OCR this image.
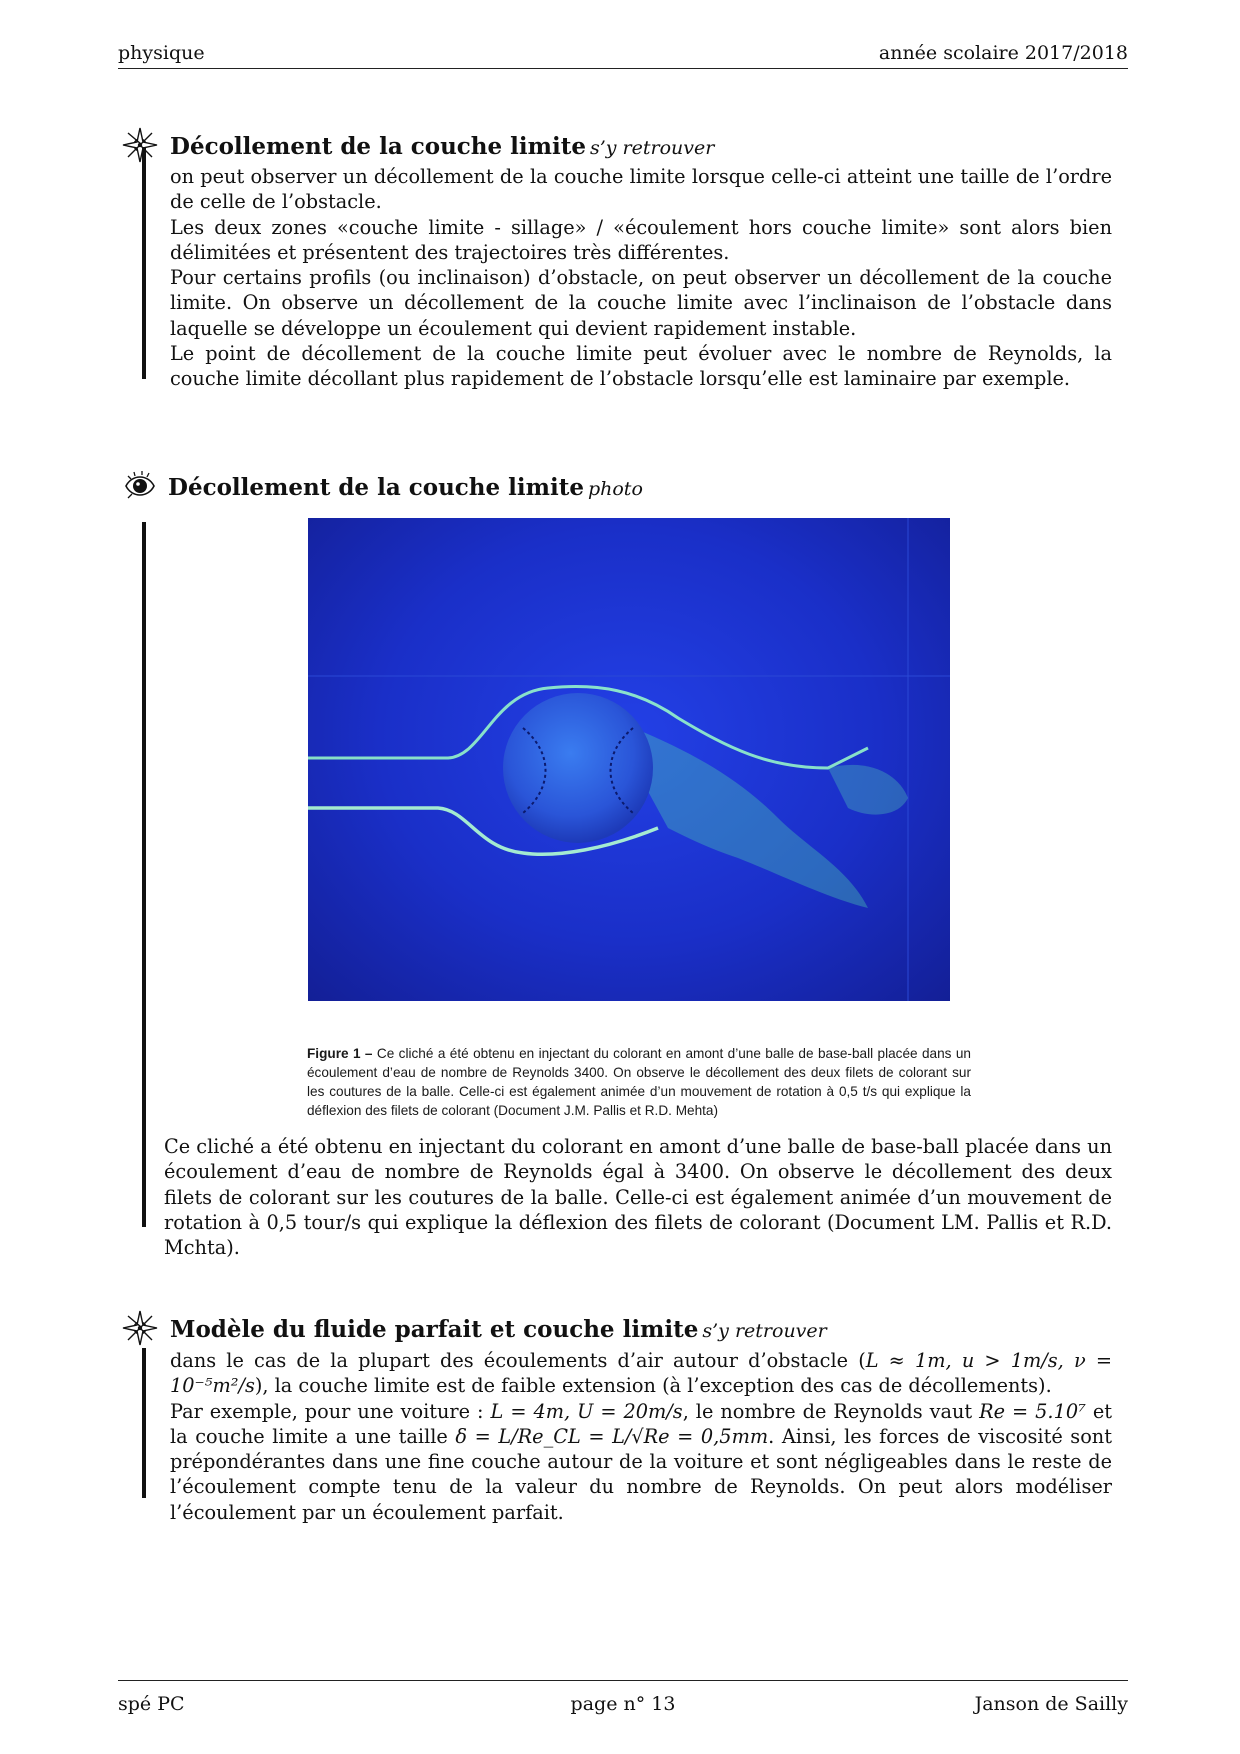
physique	année scolaire 2017/2018
Décollement de la couche limite s’y retrouver

on peut observer un décollement de la couche limite lorsque celle-ci atteint une taille de l’ordre de celle de l’obstacle.

Les deux zones «couche limite - sillage» / «écoulement hors couche limite» sont alors bien délimitées et présentent des trajectoires très différentes.

Pour certains profils (ou inclinaison) d’obstacle, on peut observer un décollement de la couche limite. On observe un décollement de la couche limite avec l’inclinaison de l’obstacle dans laquelle se développe un écoulement qui devient rapidement instable.

Le point de décollement de la couche limite peut évoluer avec le nombre de Reynolds, la couche limite décollant plus rapidement de l’obstacle lorsqu’elle est laminaire par exemple.

Décollement de la couche limite photo

Ce cliché a été obtenu en injectant du colorant en amont d’une balle de base-ball placée dans un écoulement d’eau de nombre de Reynolds égal à 3400. On observe le décollement des deux filets de colorant sur les coutures de la balle. Celle-ci est également animée d’un mouvement de rotation à 0,5 tour/s qui explique la déflexion des filets de colorant (Document LM. Pallis et R.D. Mchta).

Figure 1 – Ce cliché a été obtenu en injectant du colorant en amont d’une balle de base-ball placée dans un écoulement d’eau de nombre de Reynolds 3400. On observe le décollement des deux filets de colorant sur les coutures de la balle. Celle-ci est également animée d’un mouvement de rotation à 0,5 t/s qui explique la déflexion des filets de colorant (Document J.M. Pallis et R.D. Mehta)
Modèle du fluide parfait et couche limite s’y retrouver

dans le cas de la plupart des écoulements d’air autour d’obstacle (L ≈ 1m, u > 1m/s, ν = 10⁻⁵m²/s), la couche limite est de faible extension (à l’exception des cas de décollements).

Par exemple, pour une voiture : L = 4m, U = 20m/s, le nombre de Reynolds vaut Re = 5.10⁷ et la couche limite a une taille δ = L/Re_CL = L/√Re = 0,5mm. Ainsi, les forces de viscosité sont prépondérantes dans une fine couche autour de la voiture et sont négligeables dans le reste de l’écoulement compte tenu de la valeur du nombre de Reynolds. On peut alors modéliser l’écoulement par un écoulement parfait.

spé PC	page n° 13	Janson de Sailly
